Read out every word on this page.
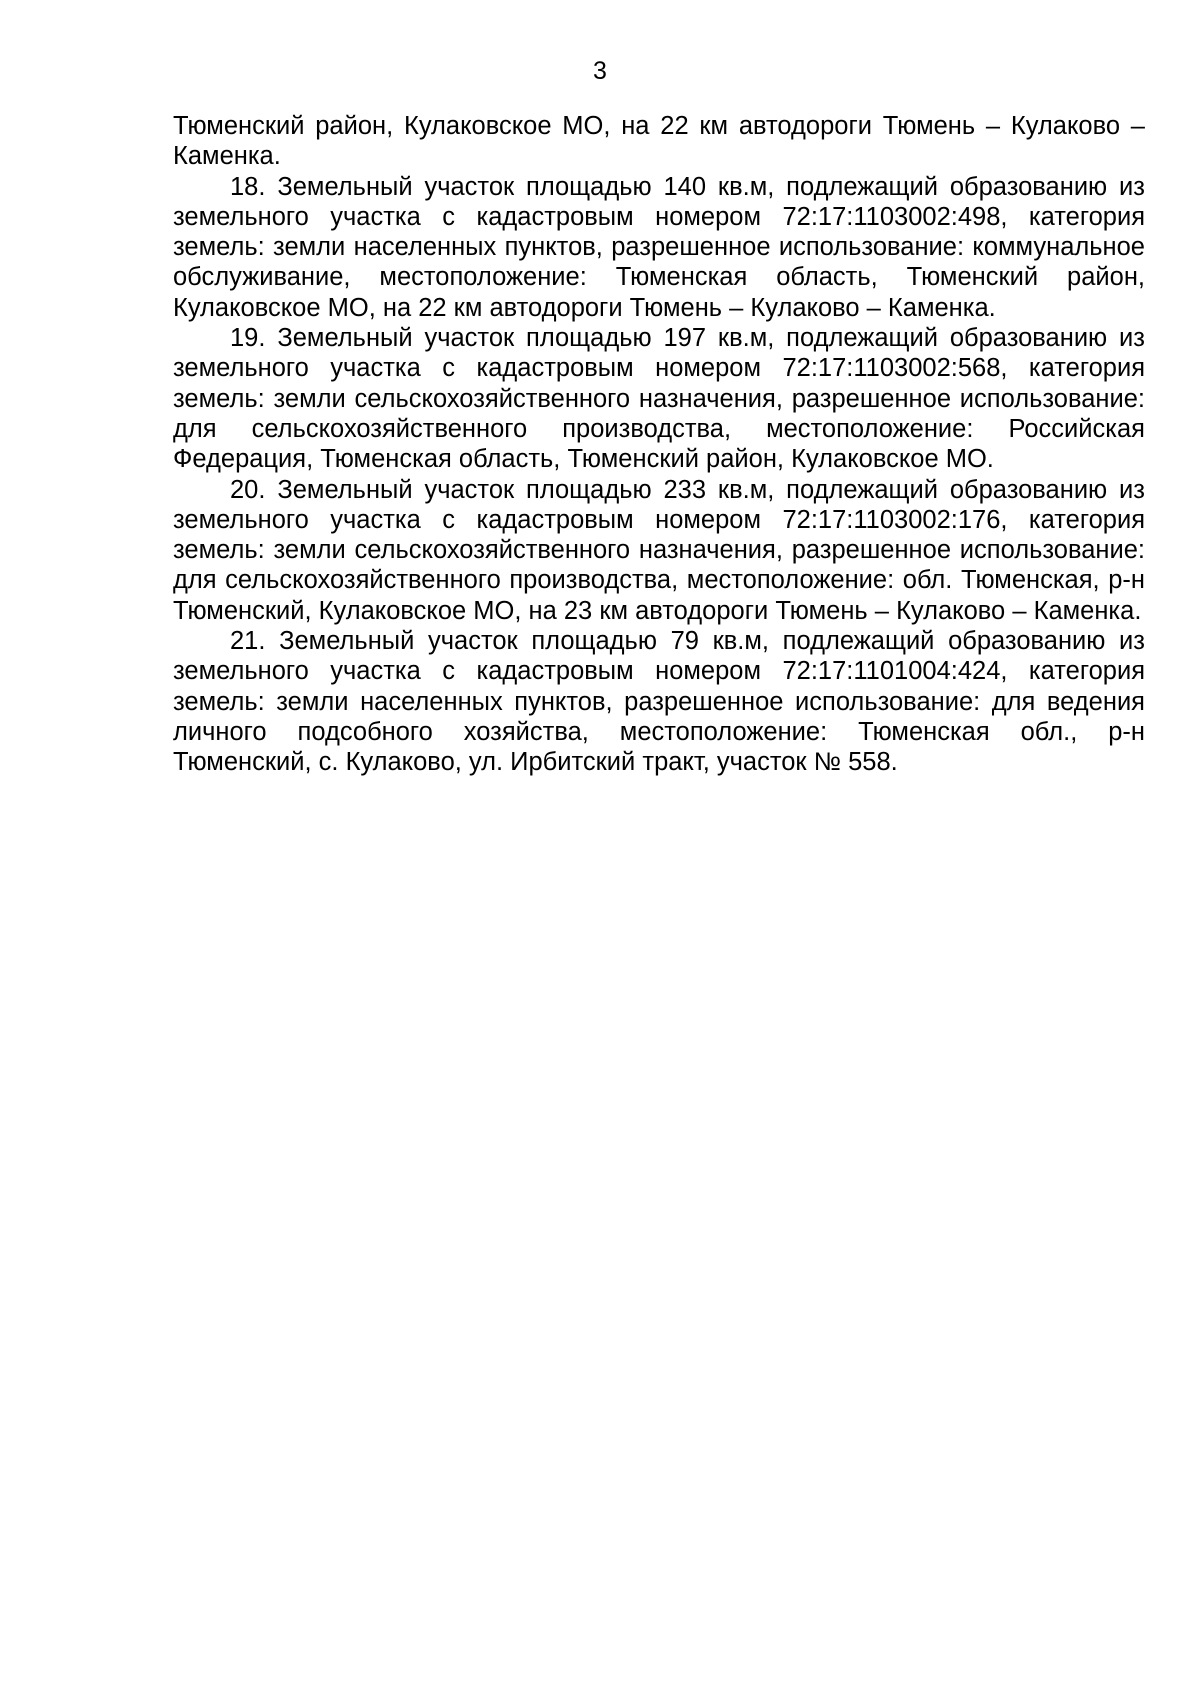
3

Тюменский район, Кулаковское МО, на 22 км автодороги Тюмень – Кулаково – Каменка.

18. Земельный участок площадью 140 кв.м, подлежащий образованию из земельного участка с кадастровым номером 72:17:1103002:498, категория земель: земли населенных пунктов, разрешенное использование: коммунальное обслуживание, местоположение: Тюменская область, Тюменский район, Кулаковское МО, на 22 км автодороги Тюмень – Кулаково – Каменка.

19. Земельный участок площадью 197 кв.м, подлежащий образованию из земельного участка с кадастровым номером 72:17:1103002:568, категория земель: земли сельскохозяйственного назначения, разрешенное использование: для сельскохозяйственного производства, местоположение: Российская Федерация, Тюменская область, Тюменский район, Кулаковское МО.

20. Земельный участок площадью 233 кв.м, подлежащий образованию из земельного участка с кадастровым номером 72:17:1103002:176, категория земель: земли сельскохозяйственного назначения, разрешенное использование: для сельскохозяйственного производства, местоположение: обл. Тюменская, р-н Тюменский, Кулаковское МО, на 23 км автодороги Тюмень – Кулаково – Каменка.

21. Земельный участок площадью 79 кв.м, подлежащий образованию из земельного участка с кадастровым номером 72:17:1101004:424, категория земель: земли населенных пунктов, разрешенное использование: для ведения личного подсобного хозяйства, местоположение: Тюменская обл., р-н Тюменский, с. Кулаково, ул. Ирбитский тракт, участок № 558.
